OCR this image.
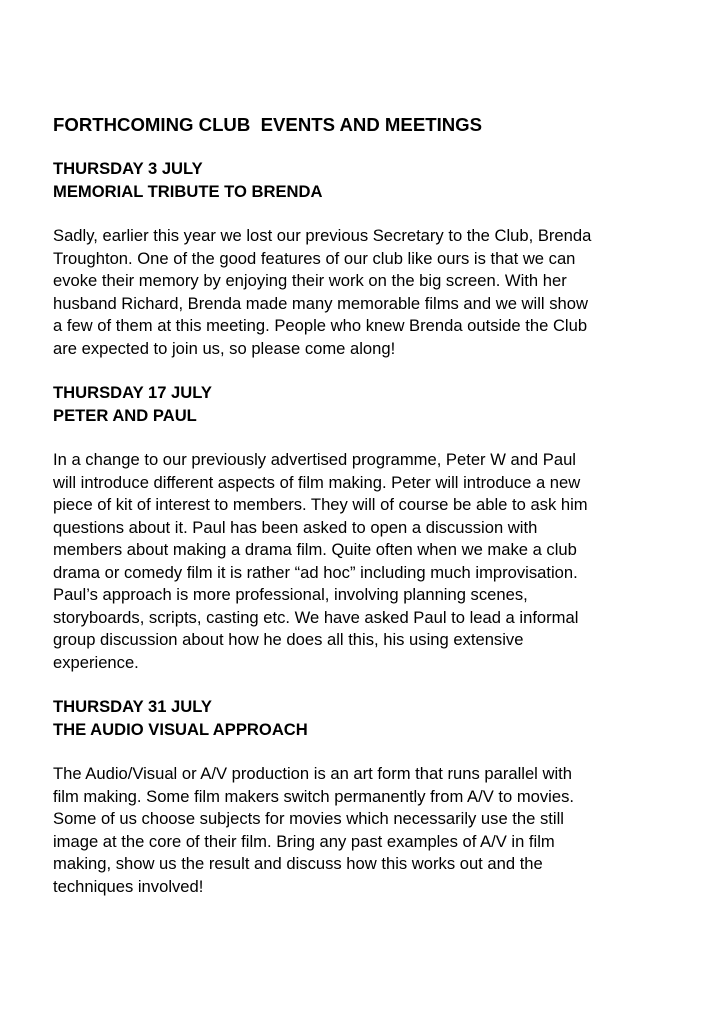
FORTHCOMING CLUB  EVENTS AND MEETINGS
THURSDAY 3 JULY
MEMORIAL TRIBUTE TO BRENDA

Sadly, earlier this year we lost our previous Secretary to the Club, Brenda
Troughton. One of the good features of our club like ours is that we can
evoke their memory by enjoying their work on the big screen. With her
husband Richard, Brenda made many memorable films and we will show
a few of them at this meeting. People who knew Brenda outside the Club
are expected to join us, so please come along!

THURSDAY 17 JULY
PETER AND PAUL

In a change to our previously advertised programme, Peter W and Paul
will introduce different aspects of film making. Peter will introduce a new
piece of kit of interest to members. They will of course be able to ask him
questions about it. Paul has been asked to open a discussion with
members about making a drama film. Quite often when we make a club
drama or comedy film it is rather “ad hoc” including much improvisation.
Paul’s approach is more professional, involving planning scenes,
storyboards, scripts, casting etc. We have asked Paul to lead a informal
group discussion about how he does all this, his using extensive
experience.

THURSDAY 31 JULY
THE AUDIO VISUAL APPROACH

The Audio/Visual or A/V production is an art form that runs parallel with
film making. Some film makers switch permanently from A/V to movies.
Some of us choose subjects for movies which necessarily use the still
image at the core of their film. Bring any past examples of A/V in film
making, show us the result and discuss how this works out and the
techniques involved!
